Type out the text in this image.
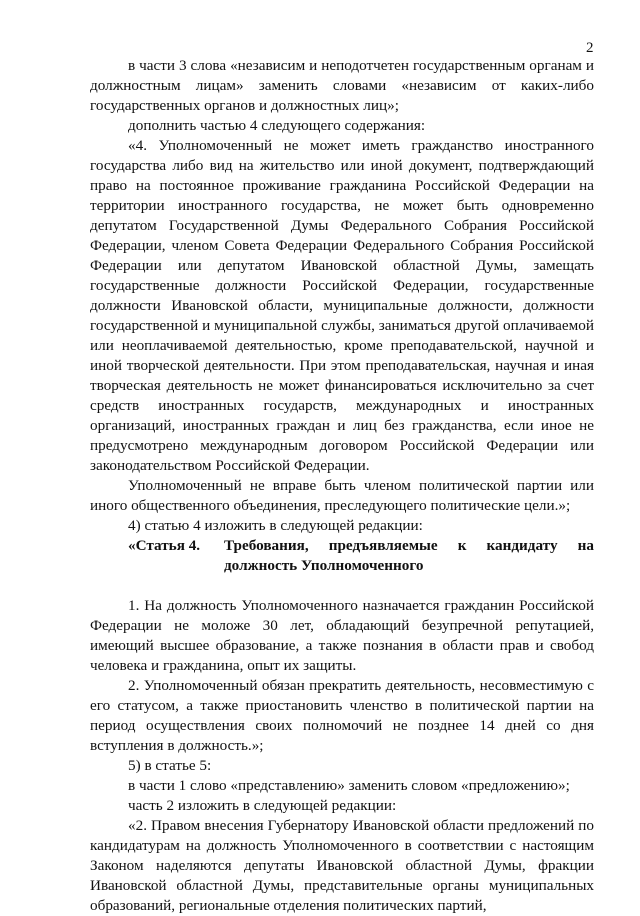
2

в части 3 слова «независим и неподотчетен государственным органам и должностным лицам» заменить словами «независим от каких-либо государственных органов и должностных лиц»;

дополнить частью 4 следующего содержания:

«4. Уполномоченный не может иметь гражданство иностранного государства либо вид на жительство или иной документ, подтверждающий право на постоянное проживание гражданина Российской Федерации на территории иностранного государства, не может быть одновременно депутатом Государственной Думы Федерального Собрания Российской Федерации, членом Совета Федерации Федерального Собрания Российской Федерации или депутатом Ивановской областной Думы, замещать государственные должности Российской Федерации, государственные должности Ивановской области, муниципальные должности, должности государственной и муниципальной службы, заниматься другой оплачиваемой или неоплачиваемой деятельностью, кроме преподавательской, научной и иной творческой деятельности. При этом преподавательская, научная и иная творческая деятельность не может финансироваться исключительно за счет средств иностранных государств, международных и иностранных организаций, иностранных граждан и лиц без гражданства, если иное не предусмотрено международным договором Российской Федерации или законодательством Российской Федерации.

Уполномоченный не вправе быть членом политической партии или иного общественного объединения, преследующего политические цели.»;

4) статью 4 изложить в следующей редакции:

«Статья 4.	Требования, предъявляемые к кандидату на
должность Уполномоченного

1. На должность Уполномоченного назначается гражданин Российской Федерации не моложе 30 лет, обладающий безупречной репутацией, имеющий высшее образование, а также познания в области прав и свобод человека и гражданина, опыт их защиты.

2. Уполномоченный обязан прекратить деятельность, несовместимую с его статусом, а также приостановить членство в политической партии на период осуществления своих полномочий не позднее 14 дней со дня вступления в должность.»;

5) в статье 5:

в части 1 слово «представлению» заменить словом «предложению»;

часть 2 изложить в следующей редакции:

«2. Правом внесения Губернатору Ивановской области предложений по кандидатурам на должность Уполномоченного в соответствии с настоящим Законом наделяются депутаты Ивановской областной Думы, фракции Ивановской областной Думы, представительные органы муниципальных образований, региональные отделения политических партий,
